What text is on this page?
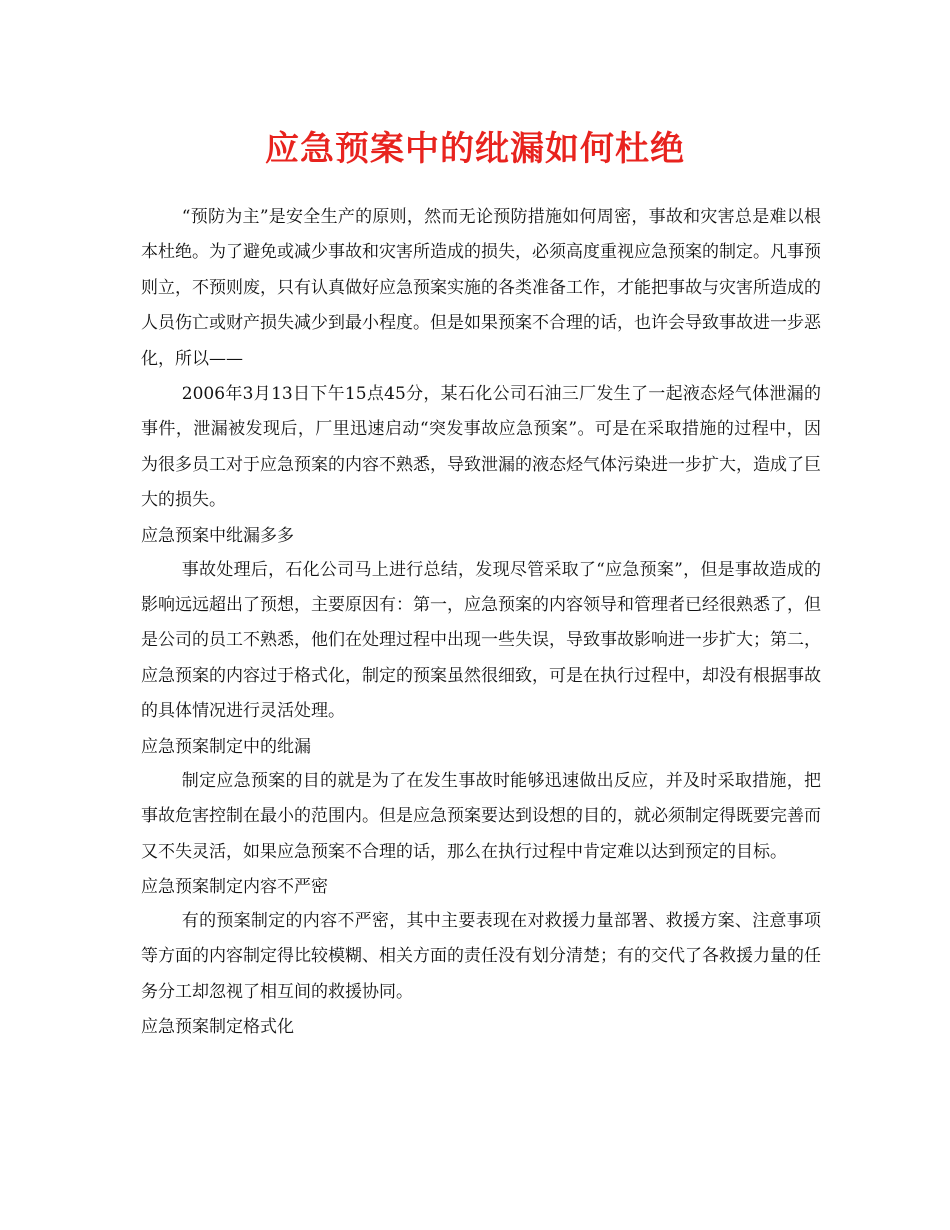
应急预案中的纰漏如何杜绝

“预防为主”是安全生产的原则，然而无论预防措施如何周密，事故和灾害总是难以根本杜绝。为了避免或减少事故和灾害所造成的损失，必须高度重视应急预案的制定。凡事预则立，不预则废，只有认真做好应急预案实施的各类准备工作，才能把事故与灾害所造成的人员伤亡或财产损失减少到最小程度。但是如果预案不合理的话，也许会导致事故进一步恶化，所以——

2006年3月13日下午15点45分，某石化公司石油三厂发生了一起液态烃气体泄漏的事件，泄漏被发现后，厂里迅速启动“突发事故应急预案”。可是在采取措施的过程中，因为很多员工对于应急预案的内容不熟悉，导致泄漏的液态烃气体污染进一步扩大，造成了巨大的损失。

应急预案中纰漏多多

事故处理后，石化公司马上进行总结，发现尽管采取了“应急预案”，但是事故造成的影响远远超出了预想，主要原因有：第一，应急预案的内容领导和管理者已经很熟悉了，但是公司的员工不熟悉，他们在处理过程中出现一些失误，导致事故影响进一步扩大；第二，应急预案的内容过于格式化，制定的预案虽然很细致，可是在执行过程中，却没有根据事故的具体情况进行灵活处理。

应急预案制定中的纰漏

制定应急预案的目的就是为了在发生事故时能够迅速做出反应，并及时采取措施，把事故危害控制在最小的范围内。但是应急预案要达到设想的目的，就必须制定得既要完善而又不失灵活，如果应急预案不合理的话，那么在执行过程中肯定难以达到预定的目标。

应急预案制定内容不严密

有的预案制定的内容不严密，其中主要表现在对救援力量部署、救援方案、注意事项等方面的内容制定得比较模糊、相关方面的责任没有划分清楚；有的交代了各救援力量的任务分工却忽视了相互间的救援协同。

应急预案制定格式化
